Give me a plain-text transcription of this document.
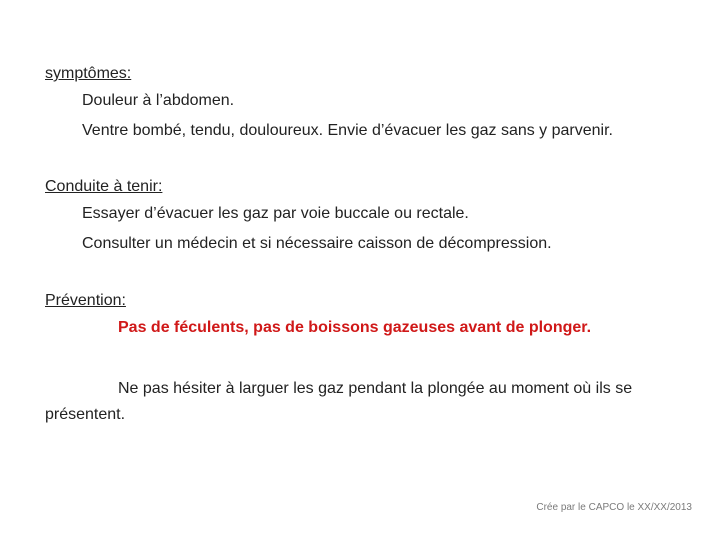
symptômes:

Douleur à l’abdomen.

Ventre bombé, tendu, douloureux. Envie d’évacuer les gaz sans y parvenir.

Conduite à tenir:

Essayer d’évacuer les gaz par voie buccale ou rectale.

Consulter un médecin et si nécessaire caisson de décompression.

Prévention:

Pas de féculents, pas de boissons gazeuses avant de plonger.

Ne pas hésiter à larguer les gaz pendant la plongée au moment où ils se présentent.

Crée par le CAPCO le XX/XX/2013
